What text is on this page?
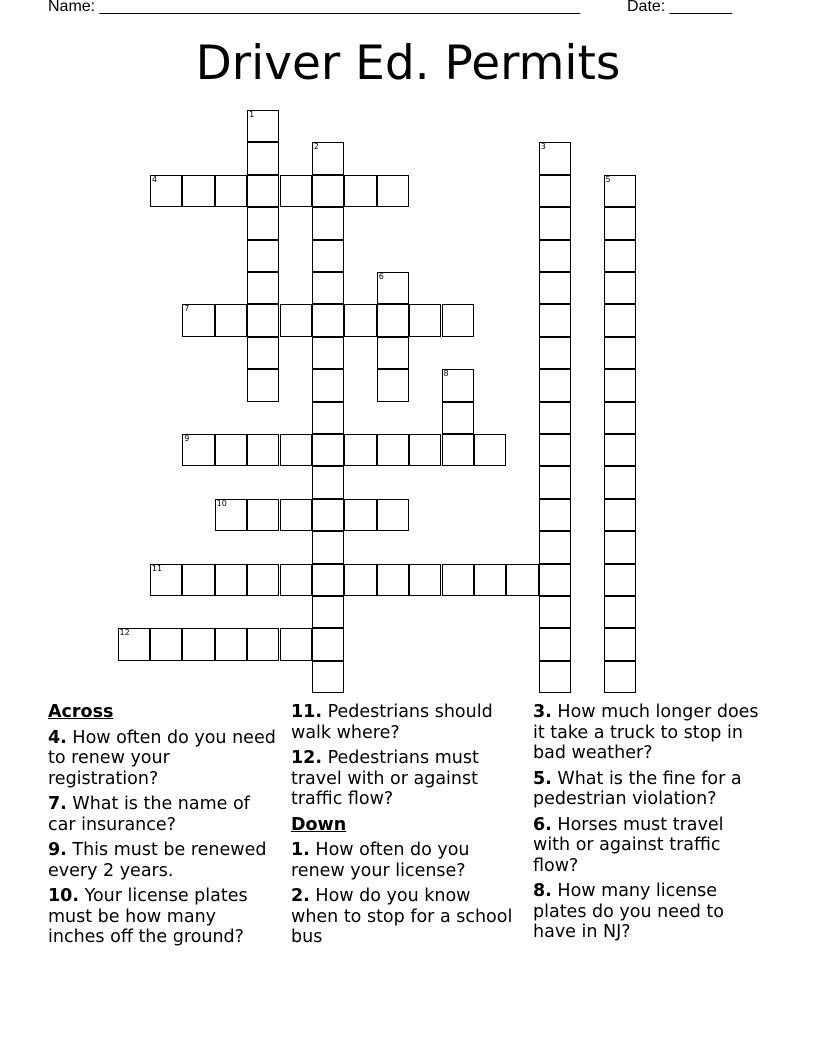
Name: ______________________________________________________	Date: _______
Driver Ed. Permits
4
7
9
10
11
12
1
2	3
5
6
8
Across
4. How often do you need to renew your registration?
7. What is the name of car insurance?
9. This must be renewed every 2 years.
10. Your license plates must be how many inches off the ground?
11. Pedestrians should walk where?
12. Pedestrians must travel with or against traffic flow?
Down
1. How often do you renew your license?
2. How do you know when to stop for a school bus
3. How much longer does it take a truck to stop in bad weather?
5. What is the fine for a pedestrian violation?
6. Horses must travel with or against traffic flow?
8. How many license plates do you need to have in NJ?
